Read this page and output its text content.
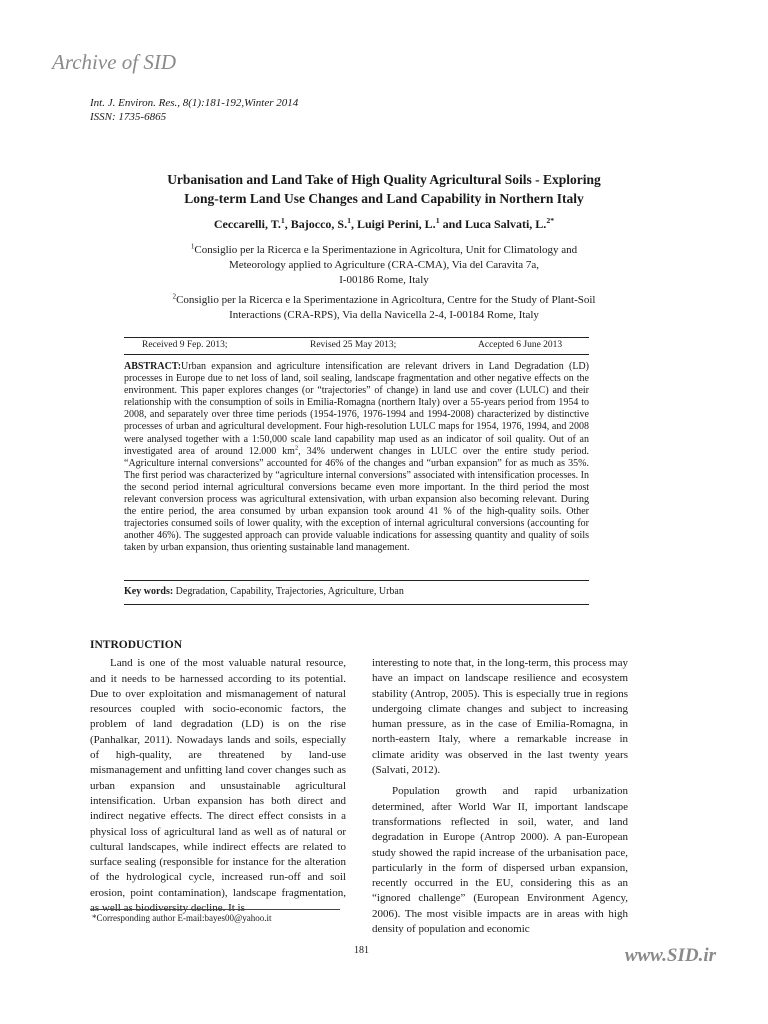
Archive of SID
Int. J. Environ. Res., 8(1):181-192,Winter 2014
ISSN: 1735-6865
Urbanisation and Land Take of High Quality Agricultural Soils - Exploring
Long-term Land Use Changes and Land Capability in Northern Italy
Ceccarelli, T.$^1$, Bajocco, S.$^1$, Luigi Perini, L.$^1$ and Luca Salvati, L.$^{2*}$
$^1$Consiglio per la Ricerca e la Sperimentazione in Agricoltura, Unit for Climatology and
Meteorology applied to Agriculture (CRA-CMA), Via del Caravita 7a,
I-00186 Rome, Italy
$^2$Consiglio per la Ricerca e la Sperimentazione in Agricoltura, Centre for the Study of Plant-Soil
Interactions (CRA-RPS), Via della Navicella 2-4, I-00184 Rome, Italy
Received 9 Fep. 2013;	Revised 25 May 2013;	Accepted 6 June 2013
ABSTRACT:Urban expansion and agriculture intensification are relevant drivers in Land Degradation (LD) processes in Europe due to net loss of land, soil sealing, landscape fragmentation and other negative effects on the environment. This paper explores changes (or “trajectories” of change) in land use and cover (LULC) and their relationship with the consumption of soils in Emilia-Romagna (northern Italy) over a 55-years period from 1954 to 2008, and separately over three time periods (1954-1976, 1976-1994 and 1994-2008) characterized by distinctive processes of urban and agricultural development. Four high-resolution LULC maps for 1954, 1976, 1994, and 2008 were analysed together with a 1:50,000 scale land capability map used as an indicator of soil quality. Out of an investigated area of around 12.000 $km^2$, 34% underwent changes in LULC over the entire study period. “Agriculture internal conversions” accounted for 46% of the changes and “urban expansion” for as much as 35%. The first period was characterized by “agriculture internal conversions” associated with intensification processes. In the second period internal agricultural conversions became even more important. In the third period the most relevant conversion process was agricultural extensivation, with urban expansion also becoming relevant. During the entire period, the area consumed by urban expansion took around 41 % of the high-quality soils. Other trajectories consumed soils of lower quality, with the exception of internal agricultural conversions (accounting for another 46%). The suggested approach can provide valuable indications for assessing quantity and quality of soils taken by urban expansion, thus orienting sustainable land management.
Key words: Degradation, Capability, Trajectories, Agriculture, Urban
INTRODUCTION

Land is one of the most valuable natural resource, and it needs to be harnessed according to its potential. Due to over exploitation and mismanagement of natural resources coupled with socio-economic factors, the problem of land degradation (LD) is on the rise (Panhalkar, 2011). Nowadays lands and soils, especially of high-quality, are threatened by land-use mismanagement and unfitting land cover changes such as urban expansion and unsustainable agricultural intensification. Urban expansion has both direct and indirect negative effects. The direct effect consists in a physical loss of agricultural land as well as of natural or cultural landscapes, while indirect effects are related to surface sealing (responsible for instance for the alteration of the hydrological cycle, increased run-off and soil erosion, point contamination), landscape fragmentation, as well as biodiversity decline. It is

interesting to note that, in the long-term, this process may have an impact on landscape resilience and ecosystem stability (Antrop, 2005). This is especially true in regions undergoing climate changes and subject to increasing human pressure, as in the case of Emilia-Romagna, in north-eastern Italy, where a remarkable increase in climate aridity was observed in the last twenty years (Salvati, 2012).

Population growth and rapid urbanization determined, after World War II, important landscape transformations reflected in soil, water, and land degradation in Europe (Antrop 2000). A pan-European study showed the rapid increase of the urbanisation pace, particularly in the form of dispersed urban expansion, recently occurred in the EU, considering this as an “ignored challenge” (European Environment Agency, 2006). The most visible impacts are in areas with high density of population and economic

*Corresponding author E-mail:bayes00@yahoo.it
181	www.SID.ir
